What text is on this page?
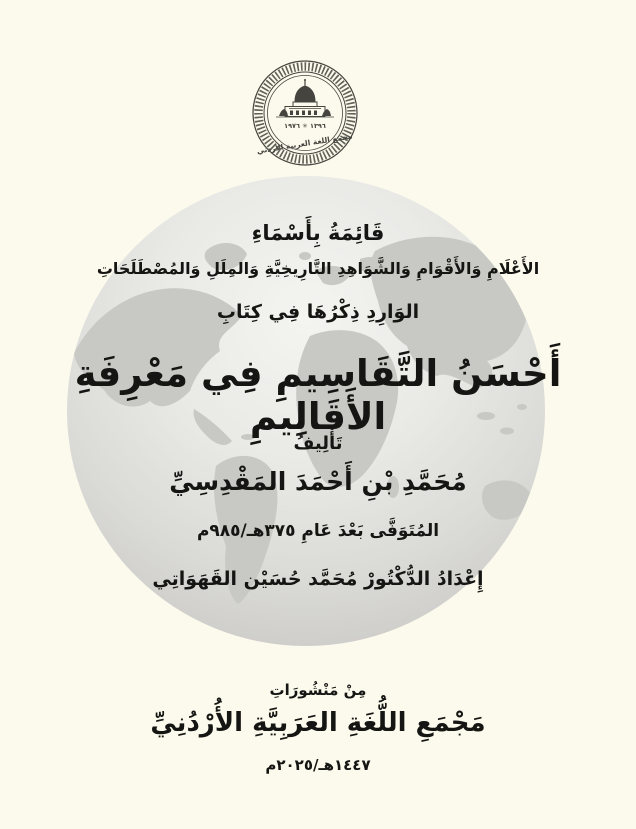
١٣٩٦ ✳ ١٩٧٦
مجمع اللغة العربية الأردني
قَائِمَةُ بِأَسْمَاءِ
الأَعْلَامِ وَالأَقْوَامِ وَالشَّوَاهِدِ التَّارِيخِيَّةِ وَالمِلَلِ وَالمُصْطَلَحَاتِ
الوَارِدِ ذِكْرُهَا فِي كِتَابِ
أَحْسَنُ التَّقَاسِيمِ فِي مَعْرِفَةِ الأَقَالِيمِ
تَأْلِيفُ
مُحَمَّدِ بْنِ أَحْمَدَ المَقْدِسِيِّ
المُتَوَفَّى بَعْدَ عَامِ ٣٧٥هـ/٩٨٥م
إِعْدَادُ الدُّكْتُورْ مُحَمَّد حُسَيْن القَهَوَاتِي
مِنْ مَنْشُورَاتِ
مَجْمَعِ اللُّغَةِ العَرَبِيَّةِ الأُرْدُنِيِّ
١٤٤٧هـ/٢٠٢٥م
